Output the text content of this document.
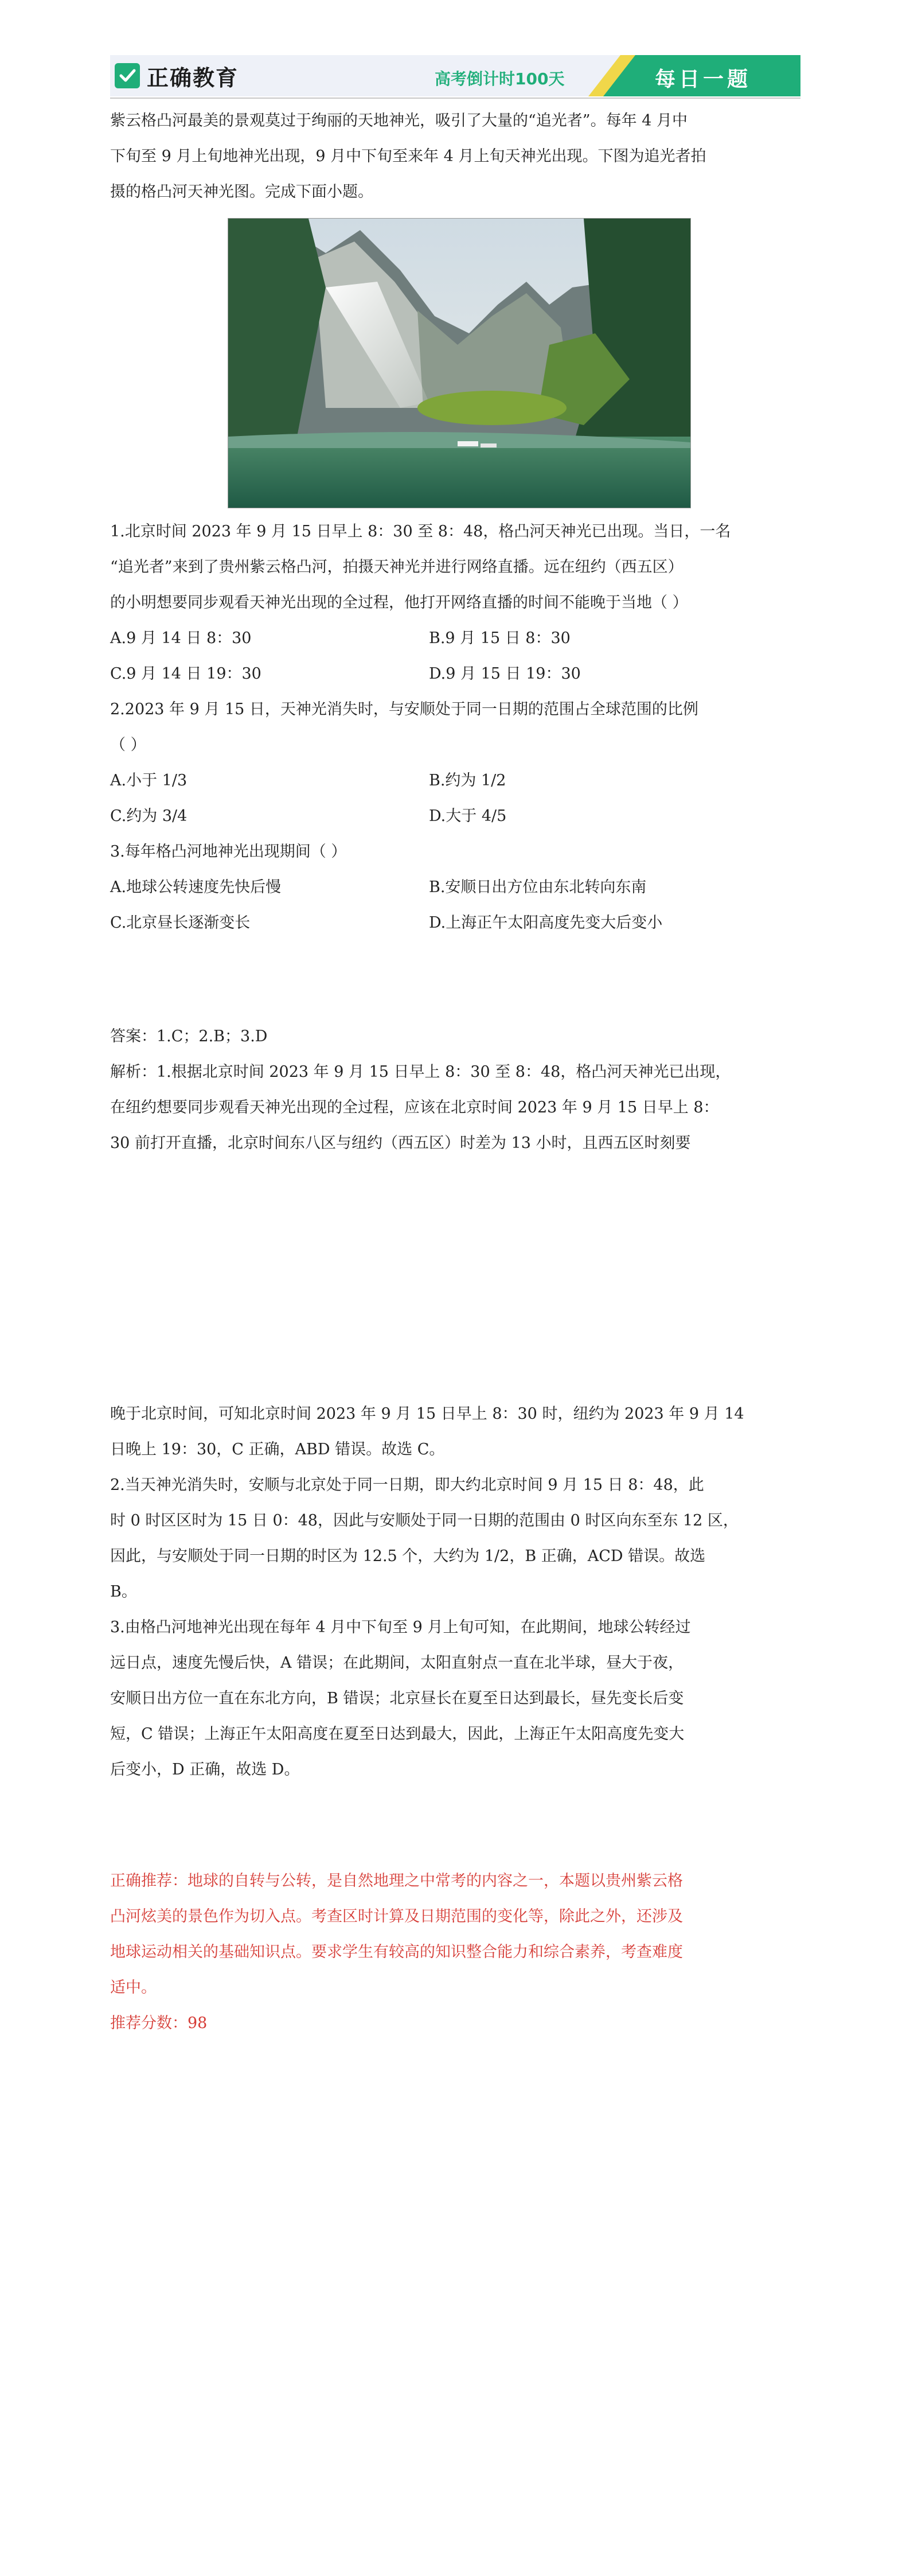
正确教育	高考倒计时100天	每日一题
紫云格凸河最美的景观莫过于绚丽的天地神光，吸引了大量的“追光者”。每年 4 月中
下旬至 9 月上旬地神光出现，9 月中下旬至来年 4 月上旬天神光出现。下图为追光者拍
摄的格凸河天神光图。完成下面小题。
1.北京时间 2023 年 9 月 15 日早上 8：30 至 8：48，格凸河天神光已出现。当日，一名
“追光者”来到了贵州紫云格凸河，拍摄天神光并进行网络直播。远在纽约（西五区）
的小明想要同步观看天神光出现的全过程，他打开网络直播的时间不能晚于当地（ ）
A.9 月 14 日 8：30	B.9 月 15 日 8：30
C.9 月 14 日 19：30	D.9 月 15 日 19：30
2.2023 年 9 月 15 日，天神光消失时，与安顺处于同一日期的范围占全球范围的比例
（ ）
A.小于 1/3	B.约为 1/2
C.约为 3/4	D.大于 4/5
3.每年格凸河地神光出现期间（ ）
A.地球公转速度先快后慢	B.安顺日出方位由东北转向东南
C.北京昼长逐渐变长	D.上海正午太阳高度先变大后变小
答案：1.C；2.B；3.D
解析：1.根据北京时间 2023 年 9 月 15 日早上 8：30 至 8：48，格凸河天神光已出现，
在纽约想要同步观看天神光出现的全过程，应该在北京时间 2023 年 9 月 15 日早上 8：
30 前打开直播，北京时间东八区与纽约（西五区）时差为 13 小时，且西五区时刻要
晚于北京时间，可知北京时间 2023 年 9 月 15 日早上 8：30 时，纽约为 2023 年 9 月 14
日晚上 19：30，C 正确，ABD 错误。故选 C。
2.当天神光消失时，安顺与北京处于同一日期，即大约北京时间 9 月 15 日 8：48，此
时 0 时区区时为 15 日 0：48，因此与安顺处于同一日期的范围由 0 时区向东至东 12 区，
因此，与安顺处于同一日期的时区为 12.5 个，大约为 1/2，B 正确，ACD 错误。故选
B。
3.由格凸河地神光出现在每年 4 月中下旬至 9 月上旬可知，在此期间，地球公转经过
远日点，速度先慢后快，A 错误；在此期间，太阳直射点一直在北半球，昼大于夜，
安顺日出方位一直在东北方向，B 错误；北京昼长在夏至日达到最长，昼先变长后变
短，C 错误；上海正午太阳高度在夏至日达到最大，因此，上海正午太阳高度先变大
后变小，D 正确，故选 D。
正确推荐：地球的自转与公转，是自然地理之中常考的内容之一，本题以贵州紫云格
凸河炫美的景色作为切入点。考查区时计算及日期范围的变化等，除此之外，还涉及
地球运动相关的基础知识点。要求学生有较高的知识整合能力和综合素养，考查难度
适中。
推荐分数：98
